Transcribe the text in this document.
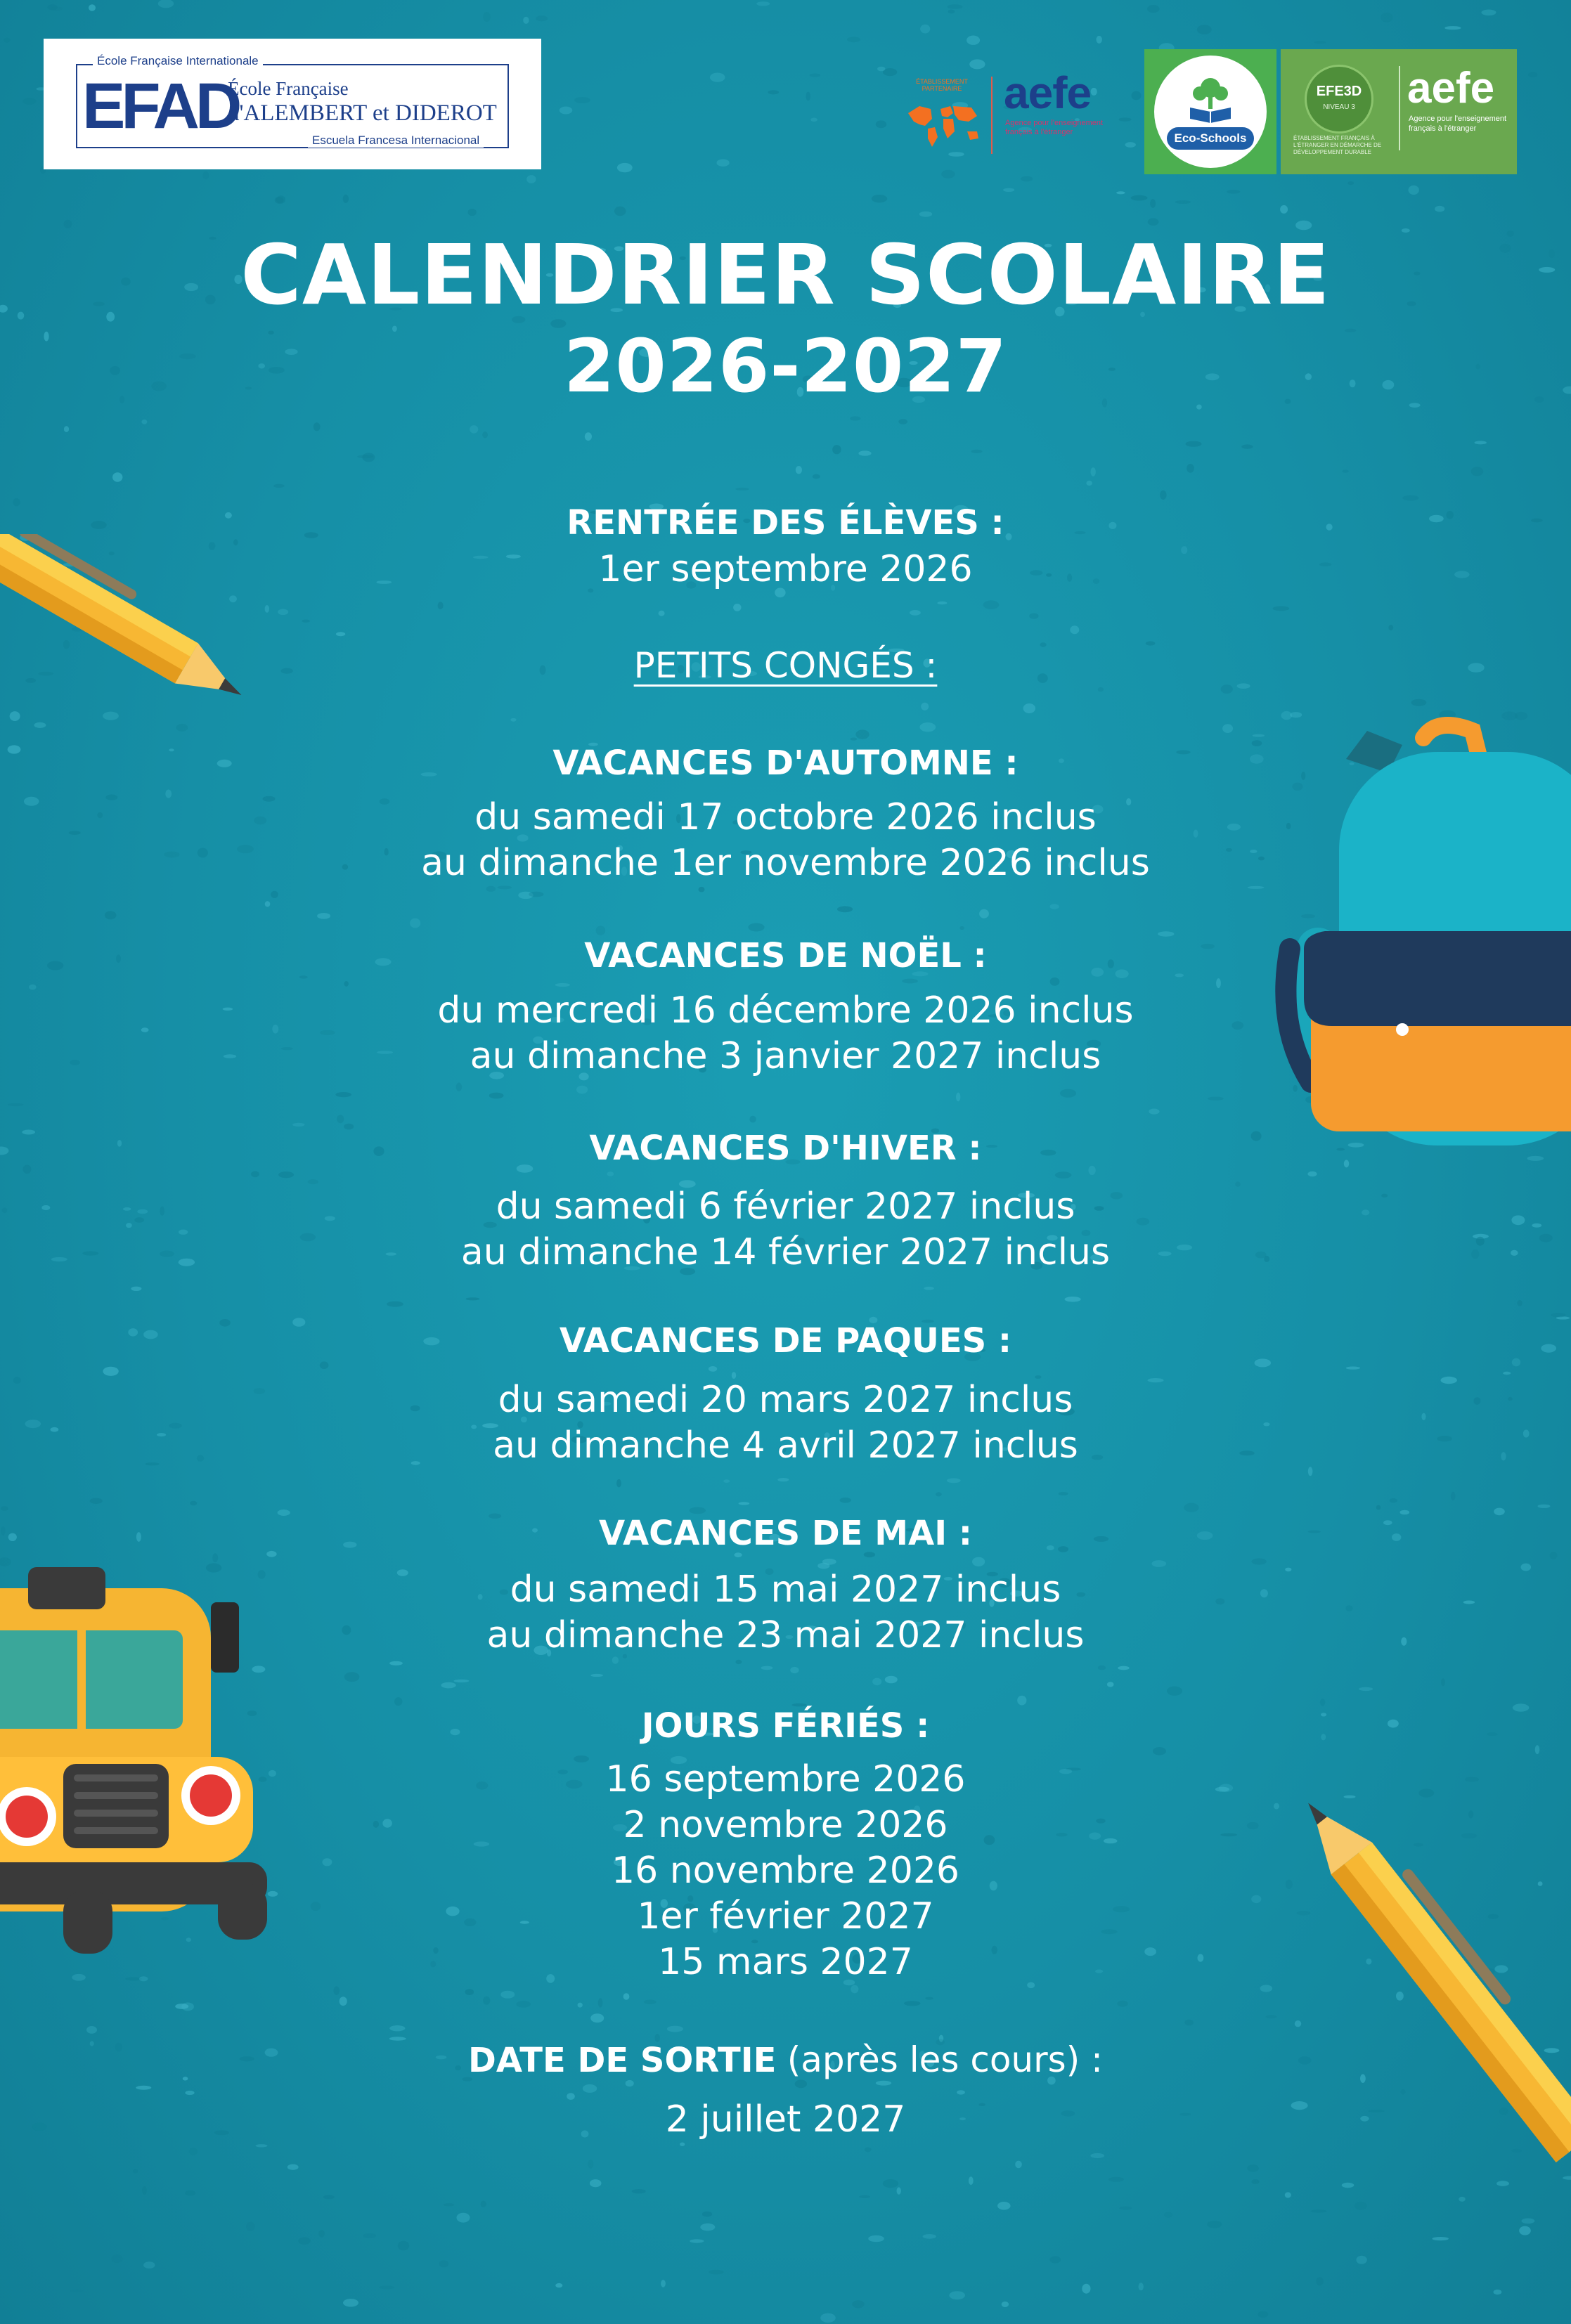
École Française Internationale
EFAD
École Française
d'ALEMBERT et DIDEROT
Escuela Francesa Internacional
ÉTABLISSEMENT PARTENAIRE aefe
Agence pour l'enseignement français à l'étranger	Eco-Schools
EFE3D
NIVEAU 3
ÉTABLISSEMENT FRANÇAIS À L'ÉTRANGER EN DÉMARCHE DE DÉVELOPPEMENT DURABLE
aefe
Agence pour l'enseignement français à l'étranger
CALENDRIER SCOLAIRE
2026-2027
RENTRÉE DES ÉLÈVES :
1er septembre 2026
PETITS CONGÉS :
VACANCES D'AUTOMNE :
du samedi 17 octobre 2026 inclus
au dimanche 1er novembre 2026 inclus
VACANCES DE NOËL :
du mercredi 16 décembre 2026 inclus
au dimanche 3 janvier 2027 inclus
VACANCES D'HIVER :
du samedi 6 février 2027 inclus
au dimanche 14 février 2027 inclus
VACANCES DE PAQUES :
du samedi 20 mars 2027 inclus
au dimanche 4 avril 2027 inclus
VACANCES DE MAI :
du samedi 15 mai 2027 inclus
au dimanche 23 mai 2027 inclus
JOURS FÉRIÉS :
16 septembre 2026
2 novembre 2026
16 novembre 2026
1er février 2027
15 mars 2027
DATE DE SORTIE (après les cours) :
2 juillet 2027
